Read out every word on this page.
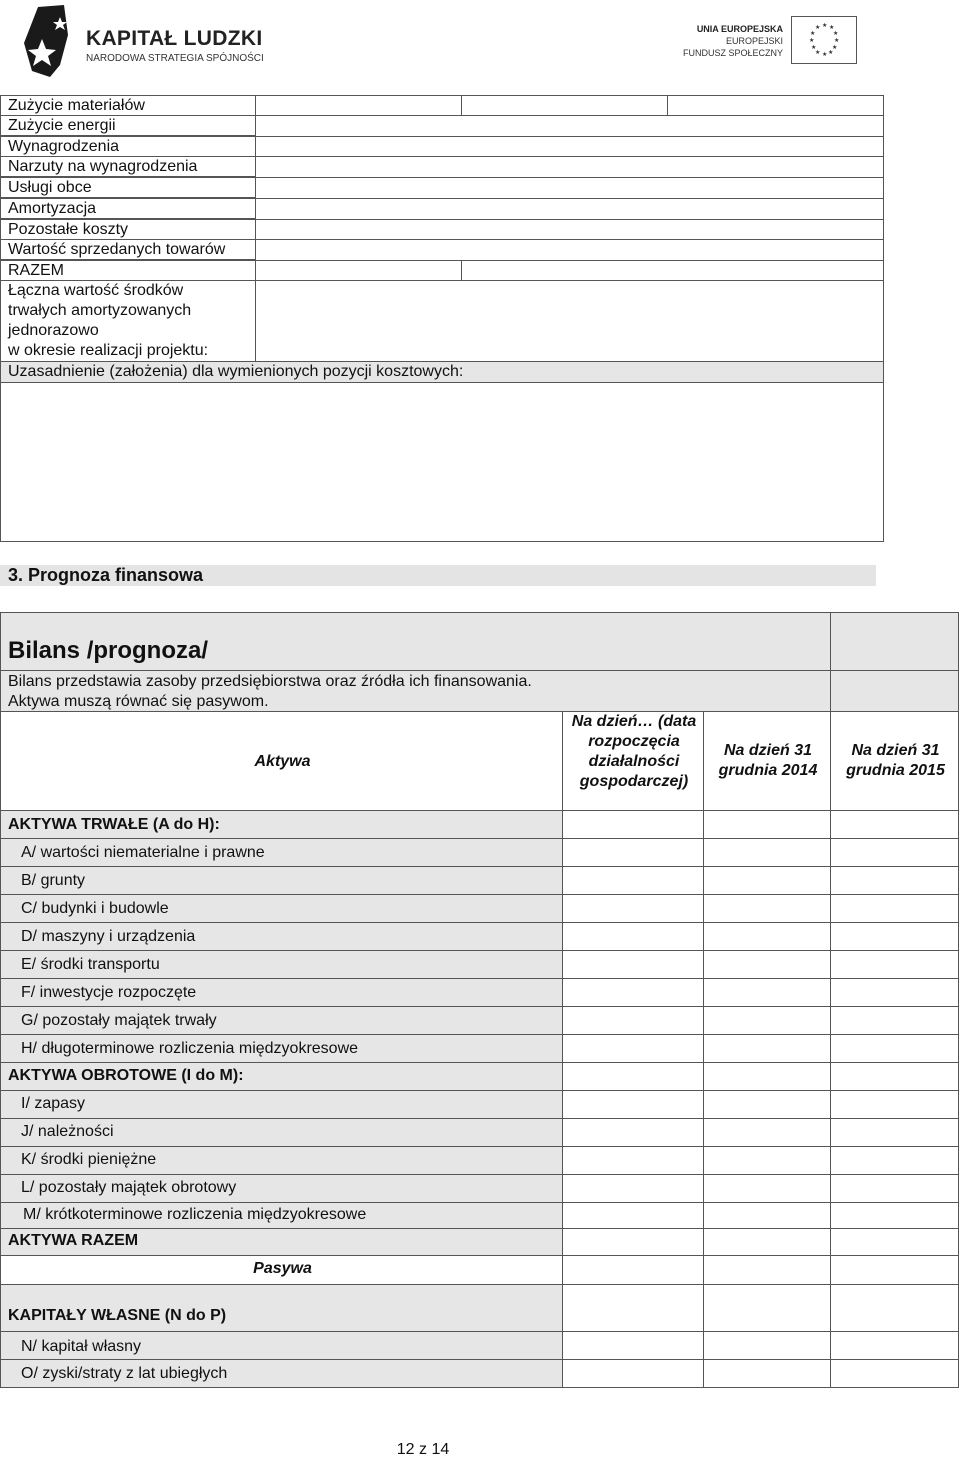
KAPITAŁ LUDZKI
NARODOWA STRATEGIA SPÓJNOŚCI
UNIA EUROPEJSKA
EUROPEJSKI
FUNDUSZ SPOŁECZNY
★ ★
★
★
★
★
★
★
★
★
★
★
Zużycie materiałów
Zużycie energii
Wynagrodzenia
Narzuty na wynagrodzenia
Usługi obce
Amortyzacja
Pozostałe koszty
Wartość sprzedanych towarów
RAZEM
Łączna wartość środków
trwałych amortyzowanych
jednorazowo
w okresie realizacji projektu:
Uzasadnienie (założenia) dla wymienionych pozycji kosztowych:
3. Prognoza finansowa
Bilans /prognoza/
Bilans przedstawia zasoby przedsiębiorstwa oraz źródła ich finansowania.
Aktywa muszą równać się pasywom.
Aktywa
Na dzień… (data rozpoczęcia działalności gospodarczej)
Na dzień 31 grudnia 2014
Na dzień 31 grudnia 2015
AKTYWA TRWAŁE (A do H):
A/ wartości niematerialne i prawne
B/ grunty
C/ budynki i budowle
D/ maszyny i urządzenia
E/ środki transportu
F/ inwestycje rozpoczęte
G/ pozostały majątek trwały
H/ długoterminowe rozliczenia międzyokresowe
AKTYWA OBROTOWE (I do M):
I/ zapasy
J/ należności
K/ środki pieniężne
L/ pozostały majątek obrotowy
M/ krótkoterminowe rozliczenia międzyokresowe
AKTYWA RAZEM
Pasywa
KAPITAŁY WŁASNE (N do P)
N/ kapitał własny
O/ zyski/straty z lat ubiegłych
12 z 14
